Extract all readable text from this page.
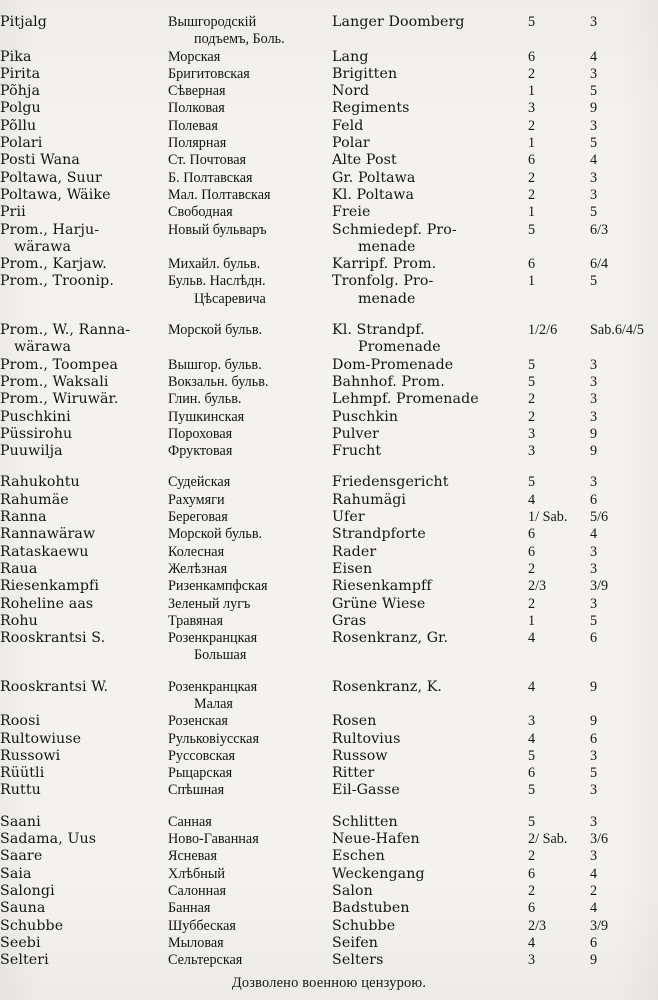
Pitjalg	Вышгородскій	Langer Doomberg	5	3
	подъемъ, Боль.			
Pika	Морская	Lang	6	4
Pirita	Бригитовская	Brigitten	2	3
Põhja	Сѣверная	Nord	1	5
Polgu	Полковая	Regiments	3	9
Põllu	Полевая	Feld	2	3
Polari	Полярная	Polar	1	5
Posti Wana	Ст. Почтовая	Alte Post	6	4
Poltawa, Suur	Б. Полтавская	Gr. Poltawa	2	3
Poltawa, Wäike	Мал. Полтавская	Kl. Poltawa	2	3
Prii	Свободная	Freie	1	5
Prom., Harju-	Новый бульваръ	Schmiedepf. Pro-	5	6/3
wärawa		menade		
Prom., Karjaw.	Михайл. бульв.	Karripf. Prom.	6	6/4
Prom., Troonip.	Бульв. Наслѣдн.	Tronfolg. Pro-	1	5
	Цѣсаревича	menade		
Prom., W., Ranna-	Морской бульв.	Kl. Strandpf.	1/2/6	Sab.6/4/5
wärawa		Promenade		
Prom., Toompea	Вышгор. бульв.	Dom-Promenade	5	3
Prom., Waksali	Вокзальн. бульв.	Bahnhof. Prom.	5	3
Prom., Wiruwär.	Глин. бульв.	Lehmpf. Promenade	2	3
Puschkini	Пушкинская	Puschkin	2	3
Püssirohu	Пороховая	Pulver	3	9
Puuwilja	Фруктовая	Frucht	3	9
Rahukohtu	Судейская	Friedensgericht	5	3
Rahumäe	Рахумяги	Rahumägi	4	6
Ranna	Береговая	Ufer	1/ Sab.	5/6
Rannawärаw	Морской бульв.	Strandpforte	6	4
Rataskaewu	Колесная	Rader	6	3
Raua	Желѣзная	Eisen	2	3
Riesenkampfi	Ризенкампфская	Riesenkampff	2/3	3/9
Roheline aas	Зеленый лугъ	Grüne Wiese	2	3
Rohu	Травяная	Gras	1	5
Rooskrantsi S.	Розенкранцкая	Rosenkranz, Gr.	4	6
	Большая			
Rooskrantsi W.	Розенкранцкая	Rosenkranz, K.	4	9
	Малая			
Roosi	Розенская	Rosen	3	9
Rultowiuse	Рульковіусская	Rultovius	4	6
Russowi	Руссовская	Russow	5	3
Rüütli	Рыцарская	Ritter	6	5
Ruttu	Спѣшная	Eil-Gasse	5	3
Saani	Санная	Schlitten	5	3
Sadama, Uus	Ново-Гаванная	Neue-Hafen	2/ Sab.	3/6
Saare	Ясневая	Eschen	2	3
Saia	Хлѣбный	Weckengang	6	4
Salongi	Салонная	Salon	2	2
Sauna	Банная	Badstuben	6	4
Schubbe	Шуббеская	Schubbe	2/3	3/9
Seebi	Мыловая	Seifen	4	6
Selteri	Сельтерская	Selters	3	9
Дозволено военною цензурою.
